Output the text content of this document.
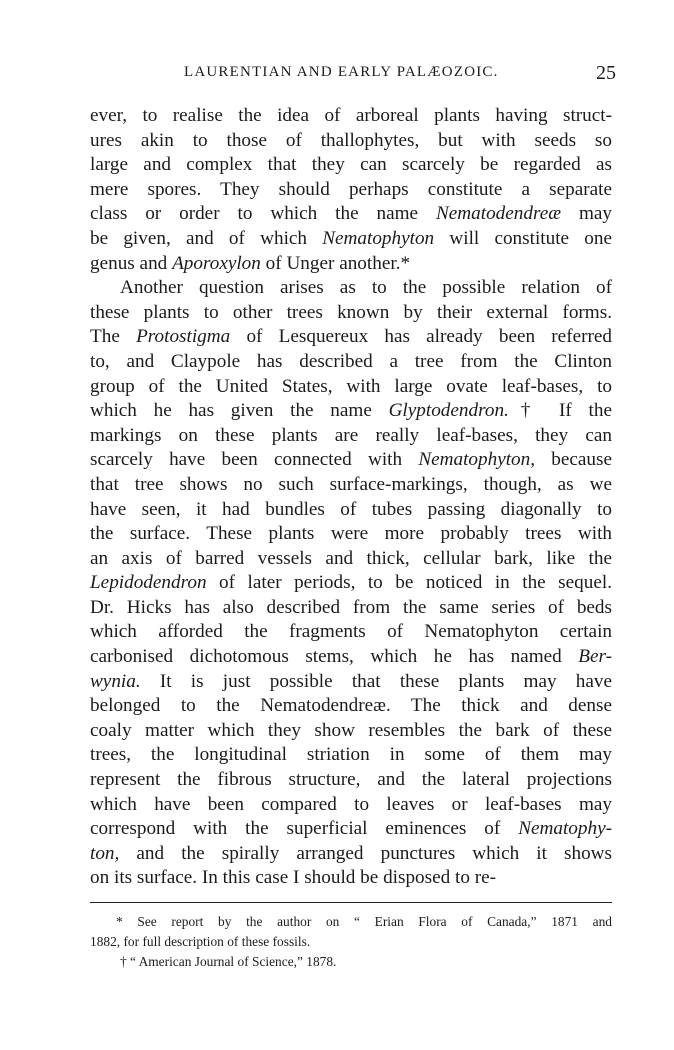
LAURENTIAN AND EARLY PALÆOZOIC.	25
ever, to realise the idea of arboreal plants having struct-
ures akin to those of thallophytes, but with seeds so
large and complex that they can scarcely be regarded as
mere spores. They should perhaps constitute a separate
class or order to which the name Nematodendreæ may
be given, and of which Nematophyton will constitute one
genus and Aporoxylon of Unger another.*
Another question arises as to the possible relation of
these plants to other trees known by their external forms.
The Protostigma of Lesquereux has already been referred
to, and Claypole has described a tree from the Clinton
group of the United States, with large ovate leaf-bases, to
which he has given the name Glyptodendron.† If the
markings on these plants are really leaf-bases, they can
scarcely have been connected with Nematophyton, because
that tree shows no such surface-markings, though, as we
have seen, it had bundles of tubes passing diagonally to
the surface. These plants were more probably trees with
an axis of barred vessels and thick, cellular bark, like the
Lepidodendron of later periods, to be noticed in the sequel.
Dr. Hicks has also described from the same series of beds
which afforded the fragments of Nematophyton certain
carbonised dichotomous stems, which he has named Ber-
wynia. It is just possible that these plants may have
belonged to the Nematodendreæ. The thick and dense
coaly matter which they show resembles the bark of these
trees, the longitudinal striation in some of them may
represent the fibrous structure, and the lateral projections
which have been compared to leaves or leaf-bases may
correspond with the superficial eminences of Nematophy-
ton, and the spirally arranged punctures which it shows
on its surface. In this case I should be disposed to re-
* See report by the author on “ Erian Flora of Canada,” 1871 and
1882, for full description of these fossils.
† “ American Journal of Science,” 1878.
